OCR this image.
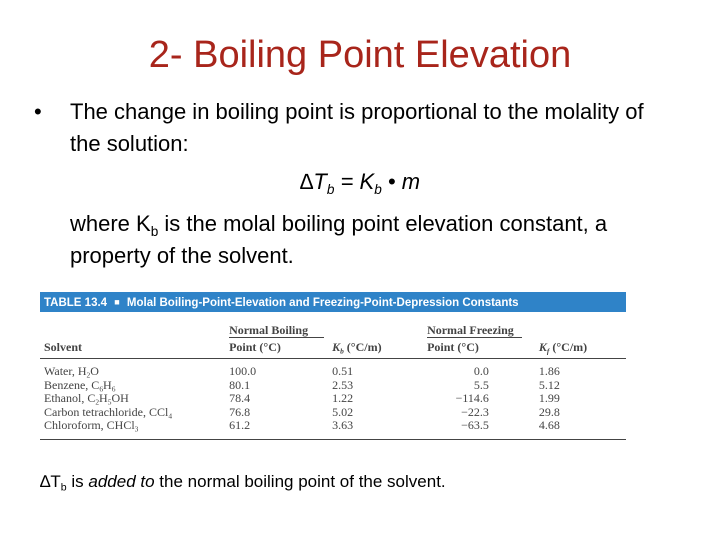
2- Boiling Point Elevation
• The change in boiling point is proportional to the molality of the solution:
$\Delta T_b = K_b$ • m
where $K_b$ is the molal boiling point elevation constant, a property of the solvent.
TABLE 13.4 ■ Molal Boiling-Point-Elevation and Freezing-Point-Depression Constants
	Normal Boiling		Normal Freezing	
Solvent	Point (°C)	$K_b$ (°C/m)	Point (°C)	$K_f$ (°C/m)
Water, $H_2O$	100.0	0.51	0.0	1.86
Benzene, $C_6H_6$	80.1	2.53	5.5	5.12
Ethanol, $C_2H_5OH$	78.4	1.22	−114.6	1.99
Carbon tetrachloride, CCl$_4$	76.8	5.02	−22.3	29.8
Chloroform, CHCl$_3$	61.2	3.63	−63.5	4.68
$\Delta T_b$ is added to the normal boiling point of the solvent.
